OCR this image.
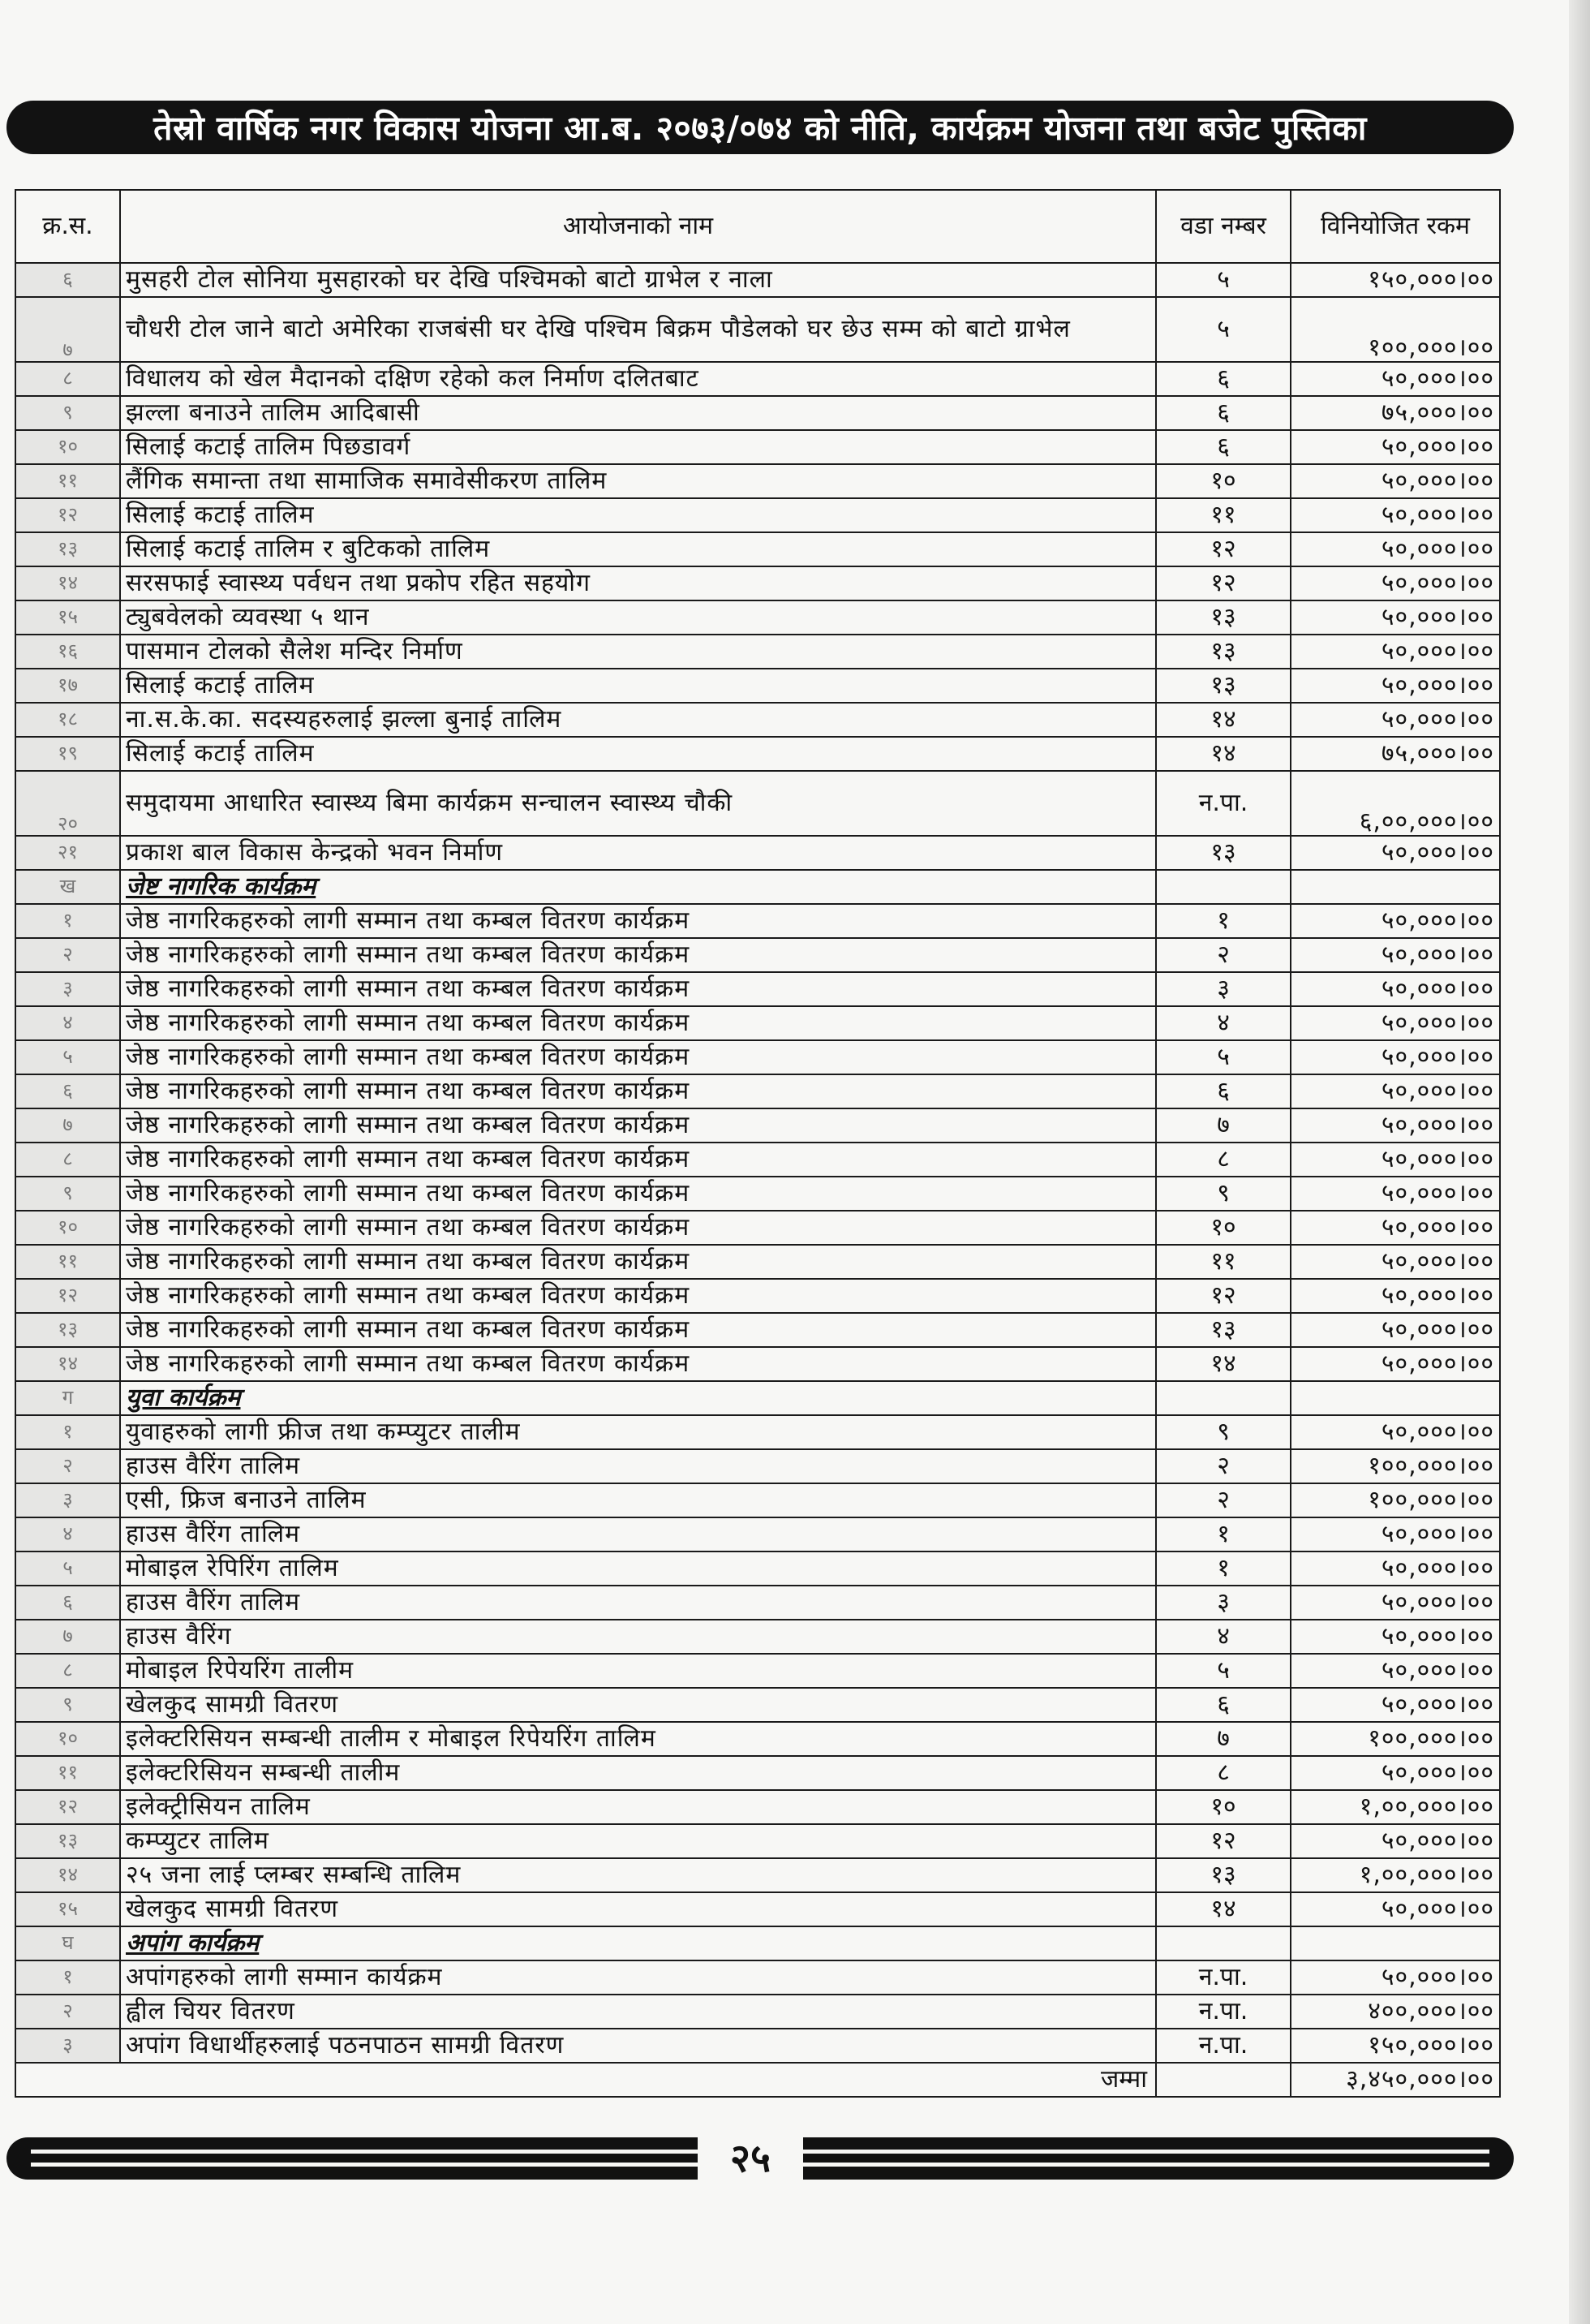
तेस्रो वार्षिक नगर विकास योजना आ.ब. २०७३/०७४ को नीति, कार्यक्रम योजना तथा बजेट पुस्तिका
क्र.स.	आयोजनाको नाम	वडा नम्बर	विनियोजित रकम
६	मुसहरी टोल सोनिया मुसहारको घर देखि पश्चिमको बाटो ग्राभेल र नाला	५	१५०,०००।००
७	चौधरी टोल जाने बाटो अमेरिका राजबंसी घर देखि पश्चिम बिक्रम पौडेलको घर छेउ सम्म को बाटो ग्राभेल	५	१००,०००।००
८	विधालय को खेल मैदानको दक्षिण रहेको कल निर्माण दलितबाट	६	५०,०००।००
९	झल्ला बनाउने तालिम आदिबासी	६	७५,०००।००
१०	सिलाई कटाई तालिम पिछडावर्ग	६	५०,०००।००
११	लैंगिक समान्ता तथा सामाजिक समावेसीकरण तालिम	१०	५०,०००।००
१२	सिलाई कटाई तालिम	११	५०,०००।००
१३	सिलाई कटाई तालिम र बुटिकको तालिम	१२	५०,०००।००
१४	सरसफाई स्वास्थ्य पर्वधन तथा प्रकोप रहित सहयोग	१२	५०,०००।००
१५	ट्युबवेलको व्यवस्था ५ थान	१३	५०,०००।००
१६	पासमान टोलको सैलेश मन्दिर निर्माण	१३	५०,०००।००
१७	सिलाई कटाई तालिम	१३	५०,०००।००
१८	ना.स.के.का. सदस्यहरुलाई झल्ला बुनाई तालिम	१४	५०,०००।००
१९	सिलाई कटाई तालिम	१४	७५,०००।००
२०	समुदायमा आधारित स्वास्थ्य बिमा कार्यक्रम सन्चालन स्वास्थ्य चौकी	न.पा.	६,००,०००।००
२१	प्रकाश बाल विकास केन्द्रको भवन निर्माण	१३	५०,०००।००
ख	जेष्ट नागरिक कार्यक्रम		
१	जेष्ठ नागरिकहरुको लागी सम्मान तथा कम्बल वितरण कार्यक्रम	१	५०,०००।००
२	जेष्ठ नागरिकहरुको लागी सम्मान तथा कम्बल वितरण कार्यक्रम	२	५०,०००।००
३	जेष्ठ नागरिकहरुको लागी सम्मान तथा कम्बल वितरण कार्यक्रम	३	५०,०००।००
४	जेष्ठ नागरिकहरुको लागी सम्मान तथा कम्बल वितरण कार्यक्रम	४	५०,०००।००
५	जेष्ठ नागरिकहरुको लागी सम्मान तथा कम्बल वितरण कार्यक्रम	५	५०,०००।००
६	जेष्ठ नागरिकहरुको लागी सम्मान तथा कम्बल वितरण कार्यक्रम	६	५०,०००।००
७	जेष्ठ नागरिकहरुको लागी सम्मान तथा कम्बल वितरण कार्यक्रम	७	५०,०००।००
८	जेष्ठ नागरिकहरुको लागी सम्मान तथा कम्बल वितरण कार्यक्रम	८	५०,०००।००
९	जेष्ठ नागरिकहरुको लागी सम्मान तथा कम्बल वितरण कार्यक्रम	९	५०,०००।००
१०	जेष्ठ नागरिकहरुको लागी सम्मान तथा कम्बल वितरण कार्यक्रम	१०	५०,०००।००
११	जेष्ठ नागरिकहरुको लागी सम्मान तथा कम्बल वितरण कार्यक्रम	११	५०,०००।००
१२	जेष्ठ नागरिकहरुको लागी सम्मान तथा कम्बल वितरण कार्यक्रम	१२	५०,०००।००
१३	जेष्ठ नागरिकहरुको लागी सम्मान तथा कम्बल वितरण कार्यक्रम	१३	५०,०००।००
१४	जेष्ठ नागरिकहरुको लागी सम्मान तथा कम्बल वितरण कार्यक्रम	१४	५०,०००।००
ग	युवा कार्यक्रम		
१	युवाहरुको लागी फ्रीज तथा कम्प्युटर तालीम	९	५०,०००।००
२	हाउस वैरिंग तालिम	२	१००,०००।००
३	एसी, फ्रिज बनाउने तालिम	२	१००,०००।००
४	हाउस वैरिंग तालिम	१	५०,०००।००
५	मोबाइल रेपिरिंग तालिम	१	५०,०००।००
६	हाउस वैरिंग तालिम	३	५०,०००।००
७	हाउस वैरिंग	४	५०,०००।००
८	मोबाइल रिपेयरिंग तालीम	५	५०,०००।००
९	खेलकुद सामग्री वितरण	६	५०,०००।००
१०	इलेक्टरिसियन सम्बन्धी तालीम र मोबाइल रिपेयरिंग तालिम	७	१००,०००।००
११	इलेक्टरिसियन सम्बन्धी तालीम	८	५०,०००।००
१२	इलेक्ट्रीसियन तालिम	१०	१,००,०००।००
१३	कम्प्युटर तालिम	१२	५०,०००।००
१४	२५ जना लाई प्लम्बर सम्बन्धि तालिम	१३	१,००,०००।००
१५	खेलकुद सामग्री वितरण	१४	५०,०००।००
घ	अपांग कार्यक्रम		
१	अपांगहरुको लागी सम्मान कार्यक्रम	न.पा.	५०,०००।००
२	ह्वील चियर वितरण	न.पा.	४००,०००।००
३	अपांग विधार्थीहरुलाई पठनपाठन सामग्री वितरण	न.पा.	१५०,०००।००
	जम्मा		३,४५०,०००।००
२५
